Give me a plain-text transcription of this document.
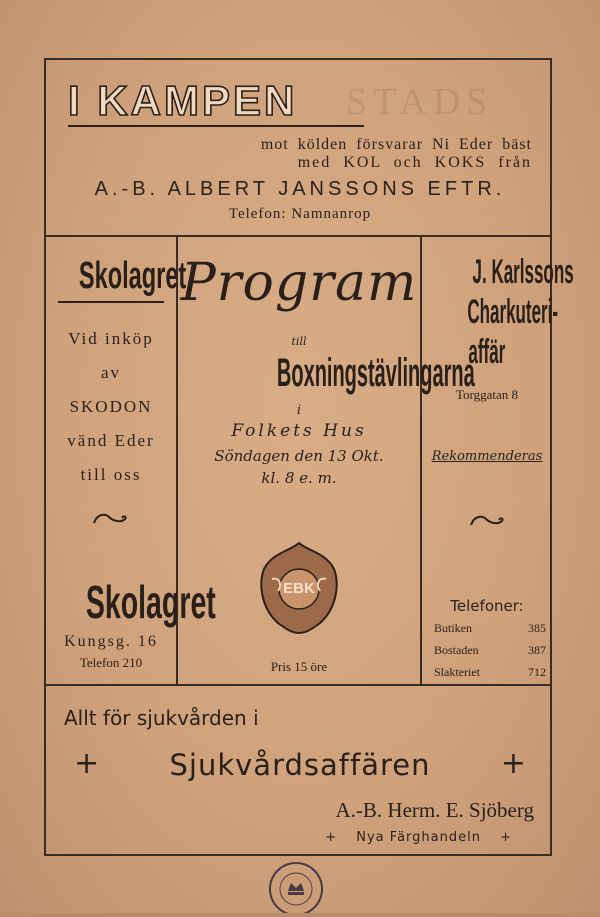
STADS
I KAMPEN
mot kölden försvarar Ni Eder bäst
med KOL och KOKS från
A.-B. ALBERT JANSSONS EFTR.
Telefon: Namnanrop
Skolagret
Vid inköp
av
SKODON
vänd Eder
till oss
Skolagret
Kungsg. 16
Telefon 210
Program
till
Boxningstävlingarna
i
Folkets Hus
Söndagen den 13 Okt.
kl. 8 e. m.
EBK
Pris 15 öre
J. Karlssons
Charkuteri-
affär
Torggatan 8
Rekommenderas
Telefoner:
Butiken	385
Bostaden	387
Slakteriet	712
Allt för sjukvården i
+	Sjukvårdsaffären	+
A.-B. Herm. E. Sjöberg
+ Nya Färghandeln +
